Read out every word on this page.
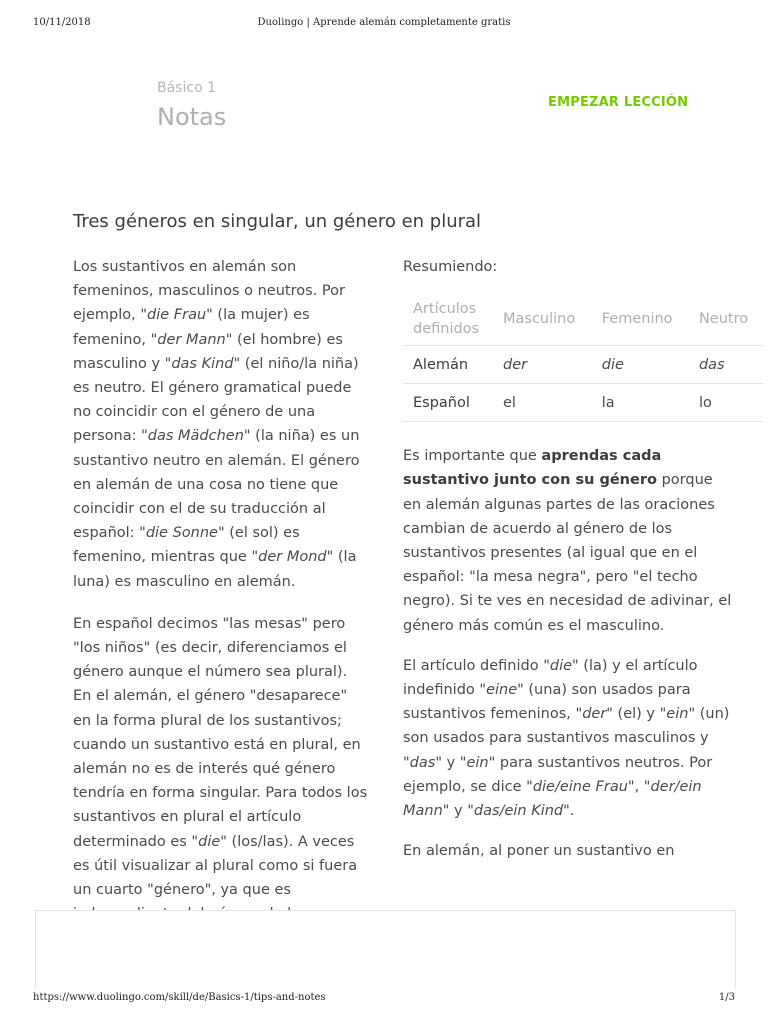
10/11/2018	Duolingo | Aprende alemán completamente gratis
Básico 1
Notas
EMPEZAR LECCIÓN
Tres géneros en singular, un género en plural

Los sustantivos en alemán son femeninos, masculinos o neutros. Por ejemplo, "die Frau" (la mujer) es femenino, "der Mann" (el hombre) es masculino y "das Kind" (el niño/la niña) es neutro. El género gramatical puede no coincidir con el género de una persona: "das Mädchen" (la niña) es un sustantivo neutro en alemán. El género en alemán de una cosa no tiene que coincidir con el de su traducción al español: "die Sonne" (el sol) es femenino, mientras que "der Mond" (la luna) es masculino en alemán.

En español decimos "las mesas" pero "los niños" (es decir, diferenciamos el género aunque el número sea plural). En el alemán, el género "desaparece" en la forma plural de los sustantivos; cuando un sustantivo está en plural, en alemán no es de interés qué género tendría en forma singular. Para todos los sustantivos en plural el artículo determinado es "die" (los/las). A veces es útil visualizar al plural como si fuera un cuarto "género", ya que es

Resumiendo:

Artículos definidos	Masculino	Femenino	Neutro
Alemán	der	die	das
Español	el	la	lo

Es importante que aprendas cada sustantivo junto con su género porque en alemán algunas partes de las oraciones cambian de acuerdo al género de los sustantivos presentes (al igual que en el español: "la mesa negra", pero "el techo negro). Si te ves en necesidad de adivinar, el género más común es el masculino.

El artículo definido "die" (la) y el artículo indefinido "eine" (una) son usados para sustantivos femeninos, "der" (el) y "ein" (un) son usados para sustantivos masculinos y "das" y "ein" para sustantivos neutros. Por ejemplo, se dice "die/eine Frau", "der/ein Mann" y "das/ein Kind".

En alemán, al poner un sustantivo en

https://www.duolingo.com/skill/de/Basics-1/tips-and-notes	1/3
